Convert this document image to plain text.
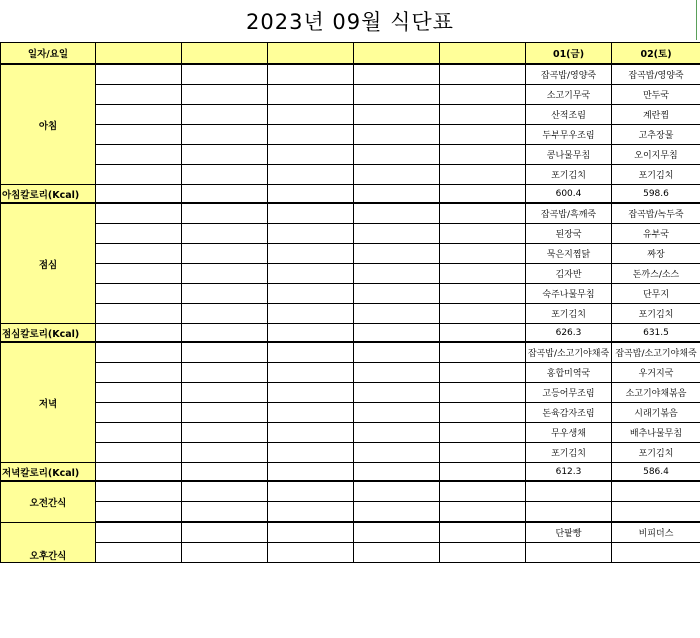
2023년 09월 식단표
일자/요일						01(금)	02(토)
아침						잡곡밥/영양죽	잡곡밥/영양죽
						소고기무국	만두국
						산적조림	계란찜
						두부무우조림	고추장물
						콩나물무침	오이지무침
						포기김치	포기김치
아침칼로리(Kcal)						600.4	598.6
점심						잡곡밥/흑깨죽	잡곡밥/녹두죽
						된장국	유부국
						묵은지찜닭	짜장
						김자반	돈까스/소스
						숙주나물무침	단무지
						포기김치	포기김치
점심칼로리(Kcal)						626.3	631.5
저녁						잡곡밥/소고기야채죽	잡곡밥/소고기야채죽
						홍합미역국	우거지국
						고등어무조림	소고기야채볶음
						돈육감자조림	시래기볶음
						무우생채	배추나물무침
						포기김치	포기김치
저녁칼로리(Kcal)						612.3	586.4
오전간식							

오후간식						단팥빵	비피더스
